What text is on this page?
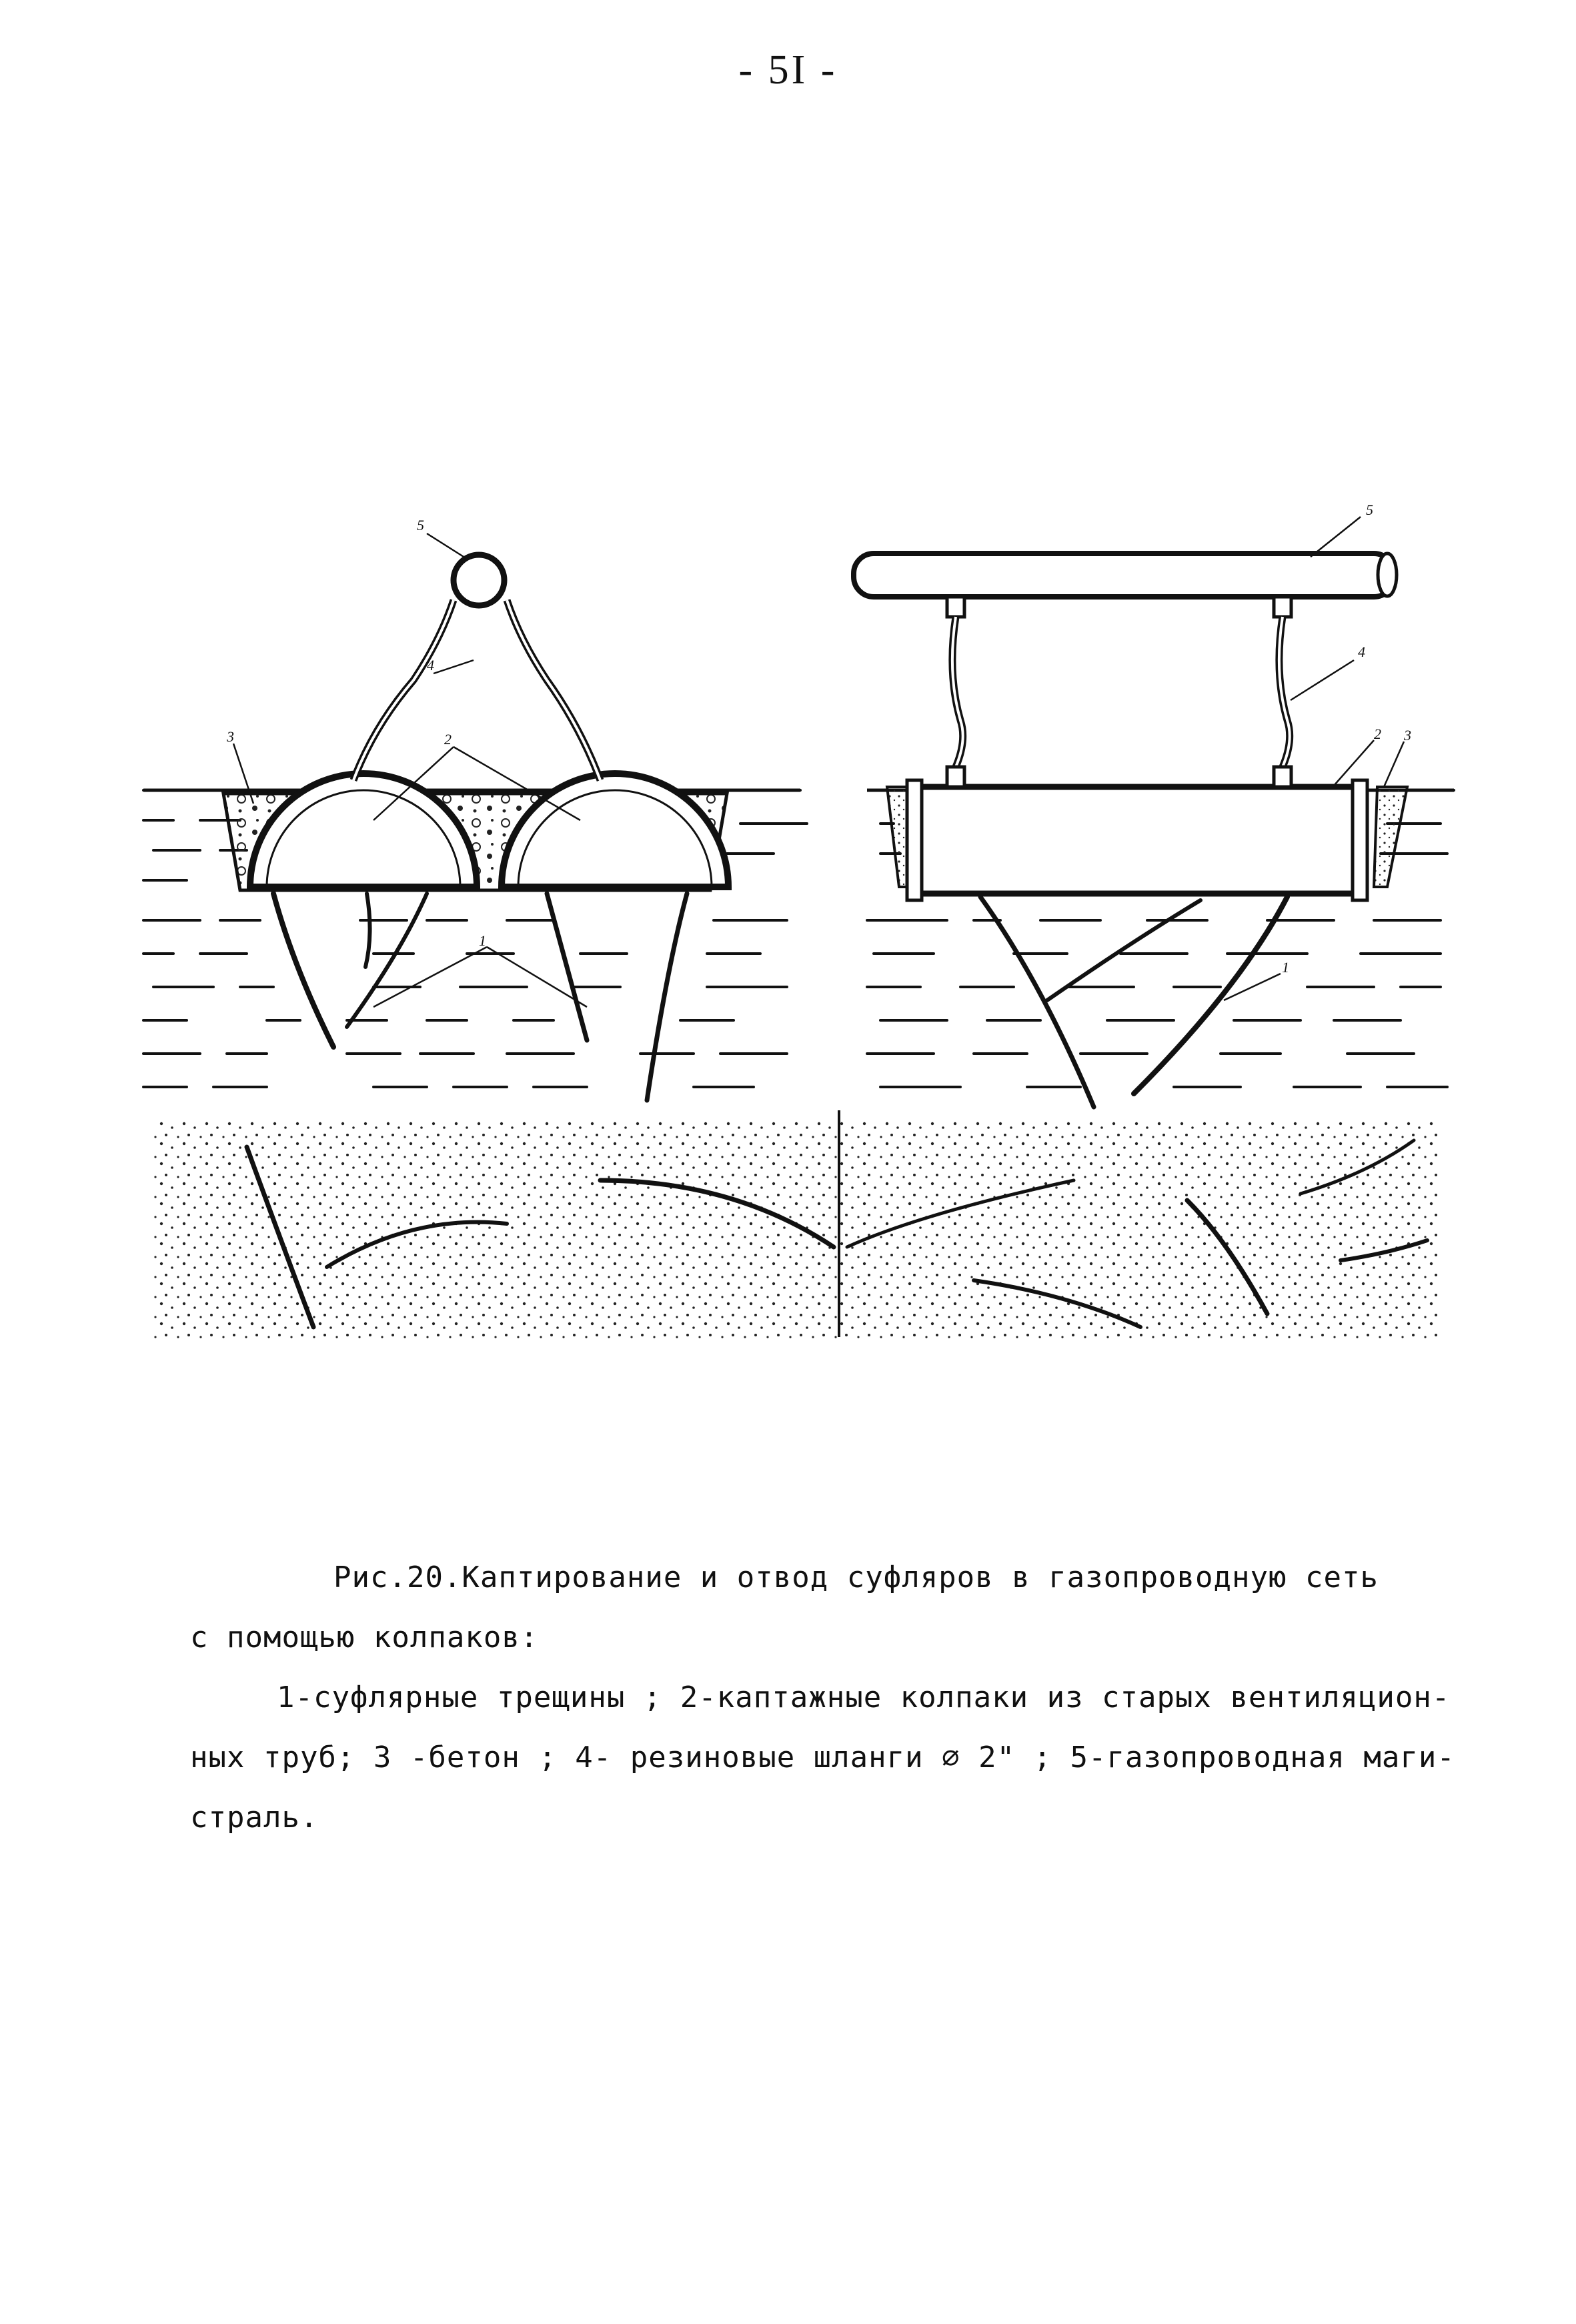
- 5I -
5
4
2
3
1
5
4
2 3
1
Рис.20.Каптирование и отвод суфляров в газопроводную сеть
с помощью колпаков:
1-суфлярные трещины ; 2-каптажные колпаки из старых вентиляцион-
ных труб; 3 -бетон ; 4- резиновые шланги ∅ 2" ; 5-газопроводная маги-
страль.
